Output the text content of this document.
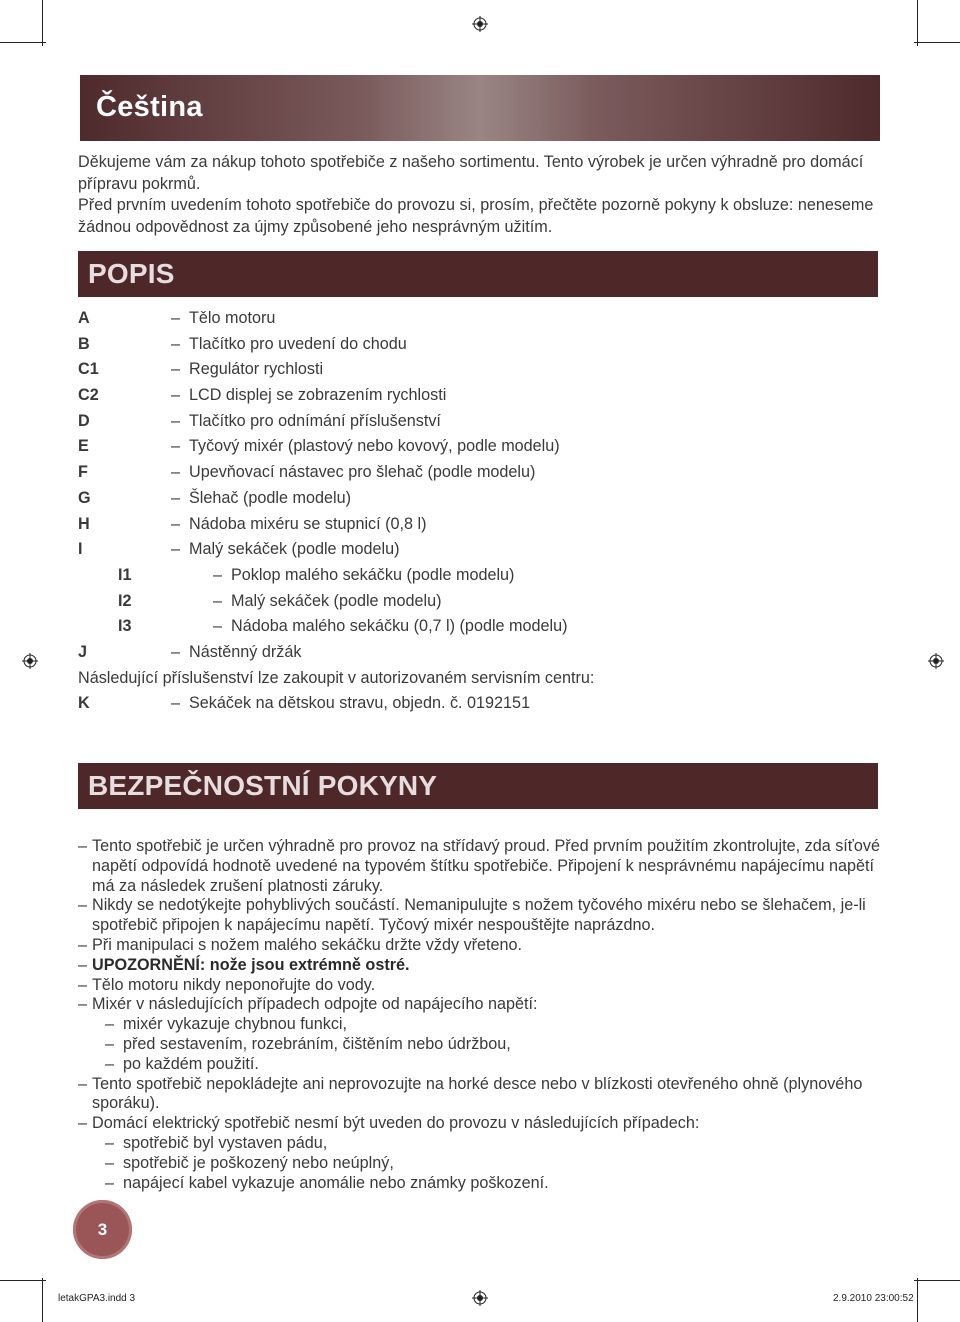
Čeština

Děkujeme vám za nákup tohoto spotřebiče z našeho sortimentu. Tento výrobek je určen výhradně pro domácí přípravu pokrmů.

Před prvním uvedením tohoto spotřebiče do provozu si, prosím, přečtěte pozorně pokyny k obsluze: neneseme žádnou odpovědnost za újmy způsobené jeho nesprávným užitím.

POPIS
A	– Tělo motoru
B	– Tlačítko pro uvedení do chodu
C1	– Regulátor rychlosti
C2	– LCD displej se zobrazením rychlosti
D	– Tlačítko pro odnímání příslušenství
E	– Tyčový mixér (plastový nebo kovový, podle modelu)
F	– Upevňovací nástavec pro šlehač (podle modelu)
G	– Šlehač (podle modelu)
H	– Nádoba mixéru se stupnicí (0,8 l)
I	– Malý sekáček (podle modelu)
I1	– Poklop malého sekáčku (podle modelu)
I2	– Malý sekáček (podle modelu)
I3	– Nádoba malého sekáčku (0,7 l) (podle modelu)
J	– Nástěnný držák
Následující příslušenství lze zakoupit v autorizovaném servisním centru:
K	– Sekáček na dětskou stravu, objedn. č. 0192151
BEZPEČNOSTNÍ POKYNY
– Tento spotřebič je určen výhradně pro provoz na střídavý proud. Před prvním použitím zkontrolujte, zda síťové napětí odpovídá hodnotě uvedené na typovém štítku spotřebiče. Připojení k nesprávnému napájecímu napětí má za následek zrušení platnosti záruky.
– Nikdy se nedotýkejte pohyblivých součástí. Nemanipulujte s nožem tyčového mixéru nebo se šlehačem, je-li spotřebič připojen k napájecímu napětí. Tyčový mixér nespouštějte naprázdno.
– Při manipulaci s nožem malého sekáčku držte vždy vřeteno.
– UPOZORNĚNÍ: nože jsou extrémně ostré.
– Tělo motoru nikdy neponořujte do vody.
– Mixér v následujících případech odpojte od napájecího napětí:
– mixér vykazuje chybnou funkci,
– před sestavením, rozebráním, čištěním nebo údržbou,
– po každém použití.
– Tento spotřebič nepokládejte ani neprovozujte na horké desce nebo v blízkosti otevřeného ohně (plynového sporáku).
– Domácí elektrický spotřebič nesmí být uveden do provozu v následujících případech:
– spotřebič byl vystaven pádu,
– spotřebič je poškozený nebo neúplný,
– napájecí kabel vykazuje anomálie nebo známky poškození.
3
letakGPA3.indd 3	2.9.2010 23:00:52
